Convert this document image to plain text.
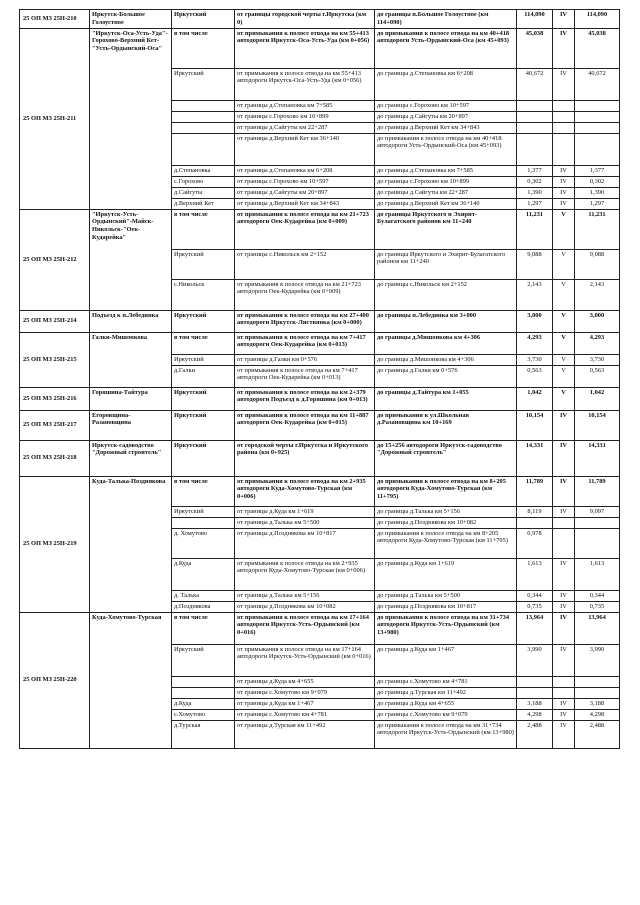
25 ОП МЗ 25Н-210	Иркутск-Большое Голоустное	Иркутский	от границы городской черты г.Иркутска (км 0)	до границы п.Большое Голоустное (км 114+090)	114,090	IV	114,090
25 ОП МЗ 25Н-211	"Иркутск-Оса-Усть-Уда"-Гороховo-Верхний Кет-"Усть-Ордынский-Оса"	в том числе	от примыкания к полосе отвода на км 55+413 автодороги Иркутск-Оса-Усть-Уда (км 0+056)	до примыкания к полосе отвода на км 40+418 автодороги Усть-Ордынский-Оса (км 45+093)	45,038	IV	45,038
		Иркутский	от примыкания к полосе отвода на км 55+413 автодороги Иркутск-Оса-Усть-Уда (км 0+056)	до границы д.Степановка км 6+208	40,672	IV	40,672
			от границы д.Степановка км 7+585	до границы с.Горохово км 10+597			
			от границы с.Горохово км 10+899	до границы д.Сайгуты км 20+897			
			от границы д.Сайгуты км 22+287	до границы д.Верхний Кет км 34+843			
			от границы д.Верхний Кет км 36+140	до примыкания к полосе отвода на км 40+418 автодороги Усть-Ордынский-Оса (км 45+093)			
		д.Степановка	от границы д.Степановка км 6+208	до границы д.Степановка км 7+585	1,377	IV	1,377
		с.Горохово	от границы с.Горохово км 10+597	до границы с.Горохово км 10+899	0,302	IV	0,302
		д.Сайгуты	от границы д.Сайгуты км 20+897	до границы д.Сайгуты км 22+287	1,390	IV	1,390
		д.Верхний Кет	от границы д.Верхний Кет км 34+843	до границы д.Верхний Кет км 36+140	1,297	IV	1,297
25 ОП МЗ 25Н-212	"Иркутск-Усть-Ордынский"-Майск-Никольск-"Оек-Кударейка"	в том числе	от примыкания к полосе отвода на км 21+723 автодороги Оек-Кударейка (км 0+009)	до границы Иркутского и Эхирит-Булагатского районов км 11+240	11,231	V	11,231
		Иркутский	от границы с.Никольск км 2+152	до границы Иркутского и Эхирит-Булагатского районов км 11+240	9,088	V	9,088
		с.Никольск	от примыкания к полосе отвода на км 21+723 автодороги Оек-Кударейка (км 0+009)	до границы с.Никольск км 2+152	2,143	V	2,143
25 ОП МЗ 25Н-214	Подъезд к п.Лебединка	Иркутский	от примыкания к полосе отвода на км 27+400 автодороги Иркутск-Листвянка (км 0+000)	до границы п.Лебединка км 3+000	3,000	V	3,000
25 ОП МЗ 25Н-215	Галки-Мишонкова	в том числе	от примыкания к полосе отвода на км 7+417 автодороги Оек-Кударейка (км 0+013)	до границы д.Мишонкова км 4+306	4,293	V	4,293
		Иркутский	от границы д.Галки км 0+576	до границы д.Мишонкова км 4+306	3,730	V	3,730
		д.Галки	от примыкания к полосе отвода на км 7+417 автодороги Оек-Кударейка (км 0+013)	до границы д.Галки км 0+576	0,563	V	0,563
25 ОП МЗ 25Н-216	Горяшина-Тайтура	Иркутский	от примыкания к полосе отвода на км 2+379 автодороги Подъезд к д.Горяшина (км 0+013)	до границы д.Тайтура км 1+055	1,042	V	1,042
25 ОП МЗ 25Н-217	Егоровщина-Разановщина	Иркутский	от примыкания к полосе отвода на км 11+887 автодороги Оек-Кударейка (км 0+015)	до примыкания к ул.Школьная д.Разановщина км 10+169	10,154	IV	10,154
25 ОП МЗ 25Н-218	Иркутск-садоводство "Дорожный строитель"	Иркутский	от городской черты г.Иркутска и Иркутского района (км 0+925)	до 15+256 автодороги Иркутск-садоводство "Дорожный строитель"	14,331	IV	14,331
25 ОП МЗ 25Н-219	Куда-Талька-Позднякова	в том числе	от примыкания к полосе отвода на км 2+935 автодороги Куда-Хомутово-Турская (км 0+006)	до примыкания к полосе отвода на км 8+205 автодороги Куда-Хомутово-Турская (км 11+795)	11,789	IV	11,789
		Иркутский	от границы д.Куда км 1+619	до границы д.Талька км 5+156	8,119	IV	9,097
			от границы д.Талька км 5+500	до границы д.Позднякова км 10+082			
		д. Хомутово	от границы д.Позднякова км 10+817	до примыкания к полосе отвода на км 8+205 автодороги Куда-Хомутово-Турская (км 11+795)	0,978		
		д.Куда	от примыкания к полосе отвода на км 2+935 автодороги Куда-Хомутово-Турская (км 0+006)	до границы д.Куда км 1+619	1,613	IV	1,613
		д. Талька	от границы д.Талька км 5+156	до границы д.Талька км 5+500	0,344	IV	0,344
		д.Позднякова	от границы д.Позднякова км 10+082	до границы д.Позднякова км 10+817	0,735	IV	0,735
25 ОП МЗ 25Н-220	Куда-Хомутово-Турская	в том числе	от примыкания к полосе отвода на км 17+164 автодороги Иркутск-Усть-Ордынский (км 0+016)	до примыкания к полосе отвода на км 31+734 автодороги Иркутск-Усть-Ордынский (км 13+980)	13,964	IV	13,964
		Иркутский	от примыкания к полосе отвода на км 17+164 автодороги Иркутск-Усть-Ордынский (км 0+016)	до границы д.Куда км 1+467	3,990	IV	3,990
			от границы д.Куда км 4+655	до границы с.Хомутово км 4+781			
			от границы с.Хомутово км 9+079	до границы д.Турская км 11+492			
		д.Куда	от границы д.Куда км 1+467	до границы д.Куда км 4+655	3,188	IV	3,188
		с.Хомутово	от границы с.Хомутово км 4+781	до границы с.Хомутово км 9+079	4,298	IV	4,298
		д.Турская	от границы д.Турская км 11+492	до примыкания к полосе отвода на км 31+734 автодороги Иркутск-Усть-Ордынский (км 13+980)	2,488	IV	2,488
